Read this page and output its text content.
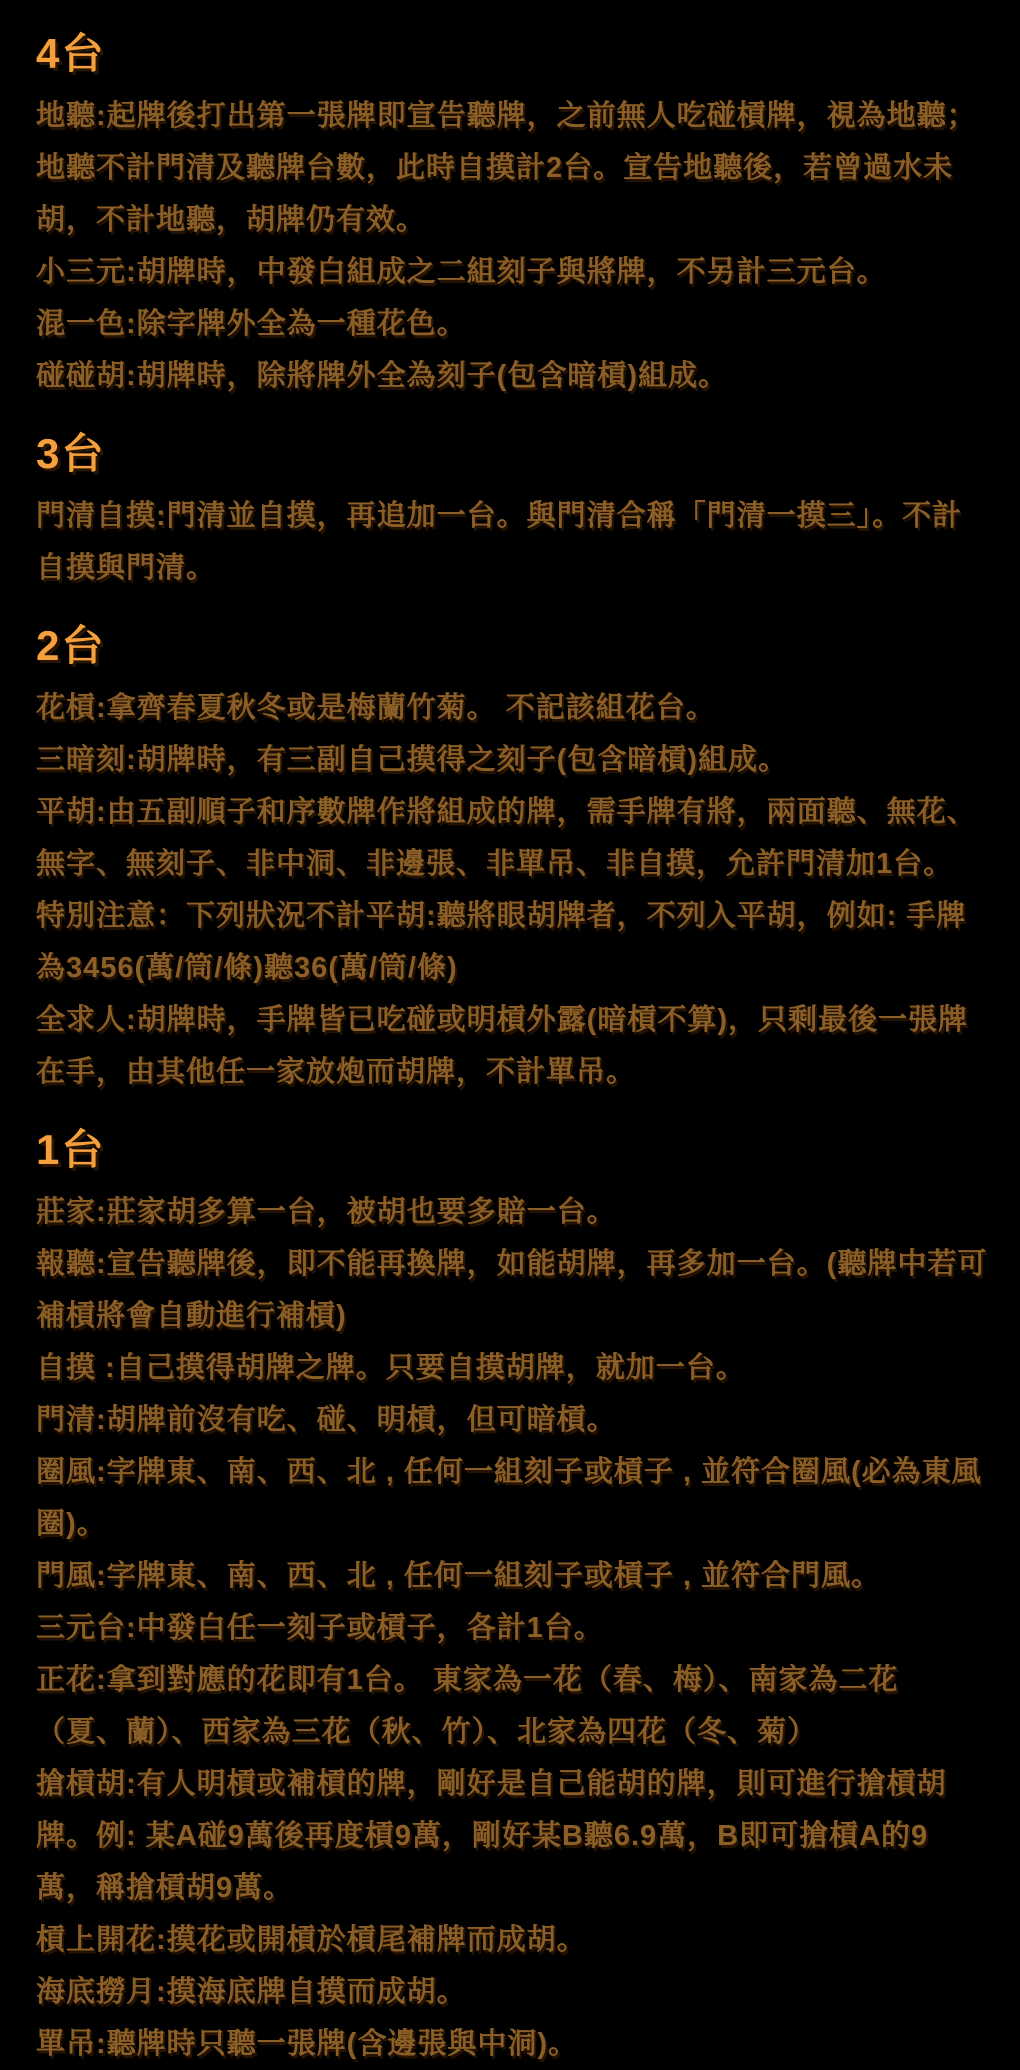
4台

地聽:起牌後打出第一張牌即宣告聽牌，之前無人吃碰槓牌，視為地聽；地聽不計門清及聽牌台數，此時自摸計2台。宣告地聽後，若曾過水未胡，不計地聽，胡牌仍有效。

小三元:胡牌時，中發白組成之二組刻子與將牌，不另計三元台。

混一色:除字牌外全為一種花色。

碰碰胡:胡牌時，除將牌外全為刻子(包含暗槓)組成。

3台

門清自摸:門清並自摸，再追加一台。與門清合稱「門清一摸三」。不計自摸與門清。

2台

花槓:拿齊春夏秋冬或是梅蘭竹菊。 不記該組花台。

三暗刻:胡牌時，有三副自己摸得之刻子(包含暗槓)組成。

平胡:由五副順子和序數牌作將組成的牌，需手牌有將，兩面聽、無花、無字、無刻子、非中洞、非邊張、非單吊、非自摸，允許門清加1台。

特別注意：下列狀況不計平胡:聽將眼胡牌者，不列入平胡，例如: 手牌為3456(萬/筒/條)聽36(萬/筒/條)

全求人:胡牌時，手牌皆已吃碰或明槓外露(暗槓不算)，只剩最後一張牌在手，由其他任一家放炮而胡牌，不計單吊。

1台

莊家:莊家胡多算一台，被胡也要多賠一台。

報聽:宣告聽牌後，即不能再換牌，如能胡牌，再多加一台。(聽牌中若可補槓將會自動進行補槓)

自摸 :自己摸得胡牌之牌。只要自摸胡牌，就加一台。

門清:胡牌前沒有吃、碰、明槓，但可暗槓。

圈風:字牌東、南、西、北 , 任何一組刻子或槓子 , 並符合圈風(必為東風圈)。

門風:字牌東、南、西、北 , 任何一組刻子或槓子 , 並符合門風。

三元台:中發白任一刻子或槓子，各計1台。

正花:拿到對應的花即有1台。 東家為一花（春、梅）、南家為二花（夏、蘭）、西家為三花（秋、竹）、北家為四花（冬、菊）

搶槓胡:有人明槓或補槓的牌，剛好是自己能胡的牌，則可進行搶槓胡牌。例: 某A碰9萬後再度槓9萬，剛好某B聽6.9萬，B即可搶槓A的9萬，稱搶槓胡9萬。

槓上開花:摸花或開槓於槓尾補牌而成胡。

海底撈月:摸海底牌自摸而成胡。

單吊:聽牌時只聽一張牌(含邊張與中洞)。
